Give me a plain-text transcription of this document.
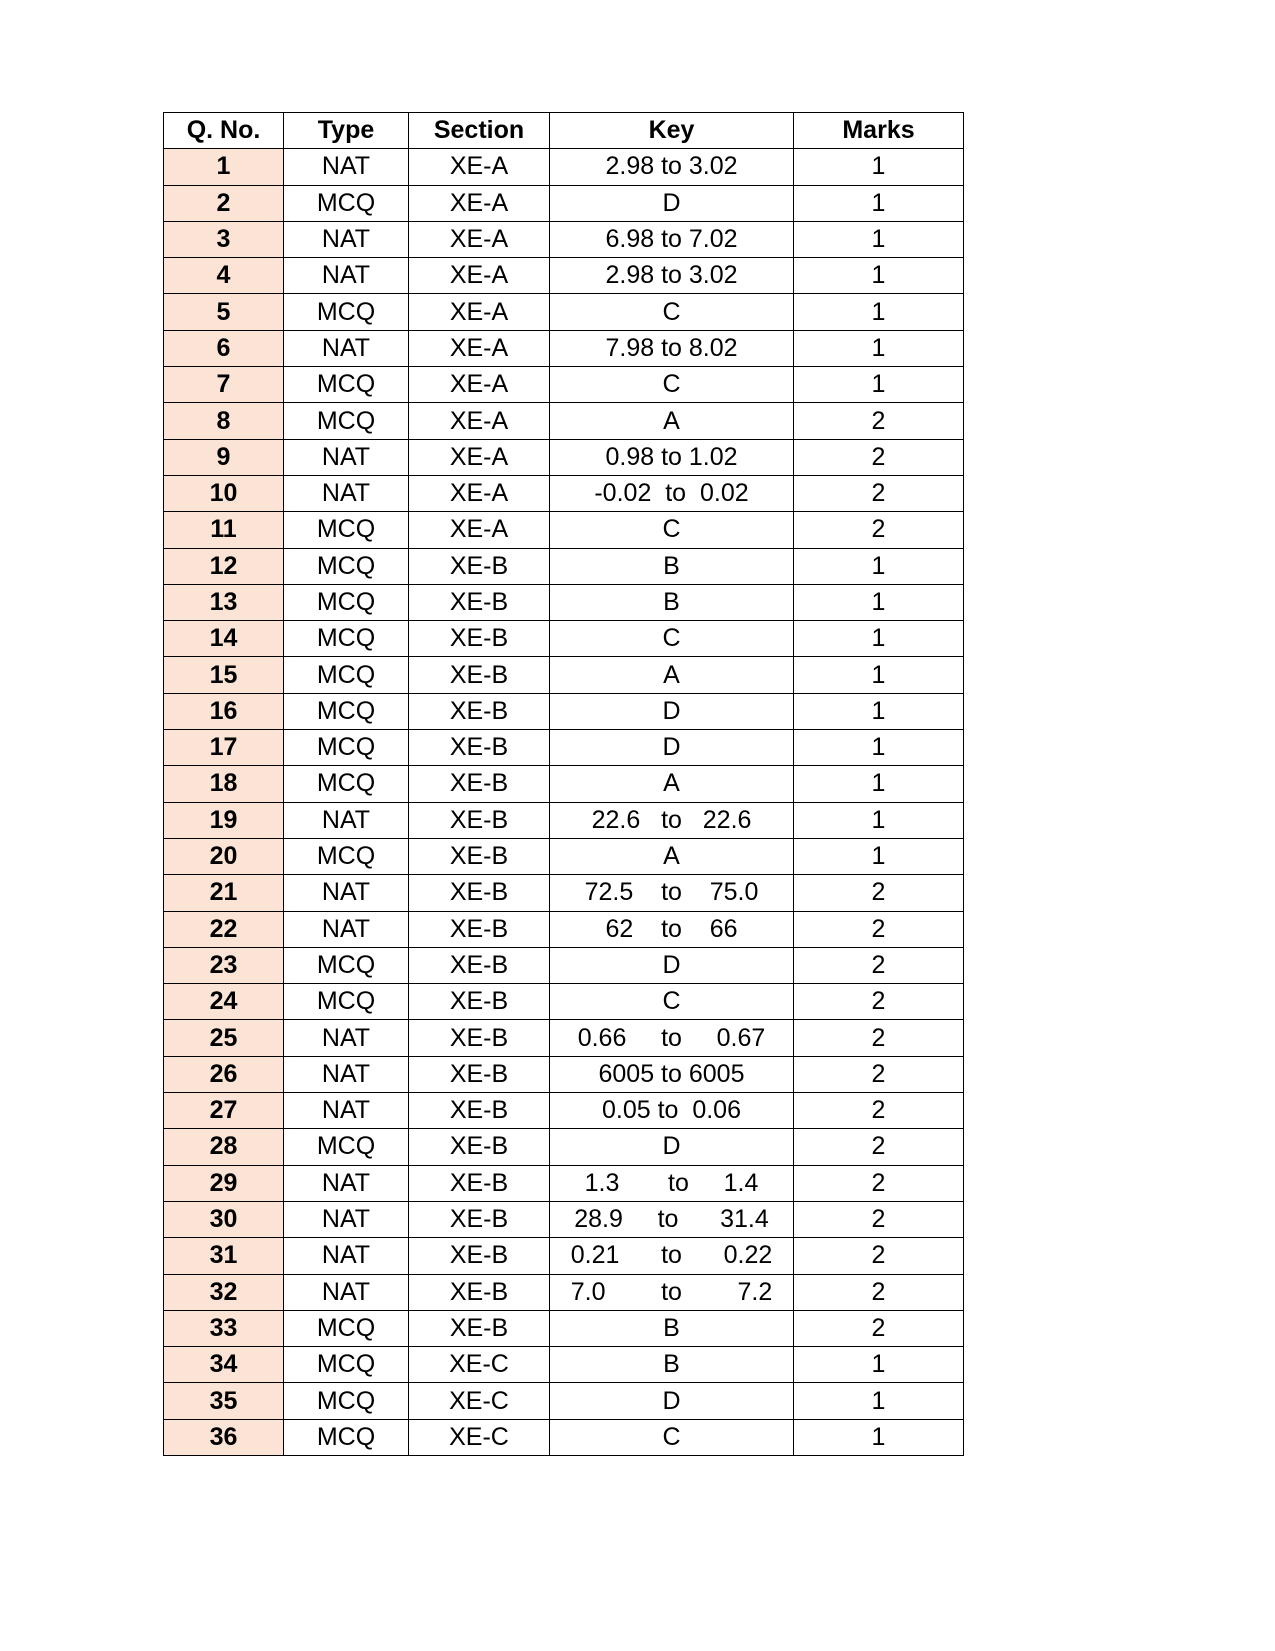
Q. No.	Type	Section	Key	Marks
1	NAT	XE-A	2.98 to 3.02	1
2	MCQ	XE-A	D	1
3	NAT	XE-A	6.98 to 7.02	1
4	NAT	XE-A	2.98 to 3.02	1
5	MCQ	XE-A	C	1
6	NAT	XE-A	7.98 to 8.02	1
7	MCQ	XE-A	C	1
8	MCQ	XE-A	A	2
9	NAT	XE-A	0.98 to 1.02	2
10	NAT	XE-A	-0.02  to  0.02	2
11	MCQ	XE-A	C	2
12	MCQ	XE-B	B	1
13	MCQ	XE-B	B	1
14	MCQ	XE-B	C	1
15	MCQ	XE-B	A	1
16	MCQ	XE-B	D	1
17	MCQ	XE-B	D	1
18	MCQ	XE-B	A	1
19	NAT	XE-B	22.6   to   22.6	1
20	MCQ	XE-B	A	1
21	NAT	XE-B	72.5    to    75.0	2
22	NAT	XE-B	62    to    66	2
23	MCQ	XE-B	D	2
24	MCQ	XE-B	C	2
25	NAT	XE-B	0.66     to     0.67	2
26	NAT	XE-B	6005 to 6005	2
27	NAT	XE-B	0.05 to  0.06	2
28	MCQ	XE-B	D	2
29	NAT	XE-B	1.3       to     1.4	2
30	NAT	XE-B	28.9     to      31.4	2
31	NAT	XE-B	0.21      to      0.22	2
32	NAT	XE-B	7.0        to        7.2	2
33	MCQ	XE-B	B	2
34	MCQ	XE-C	B	1
35	MCQ	XE-C	D	1
36	MCQ	XE-C	C	1
